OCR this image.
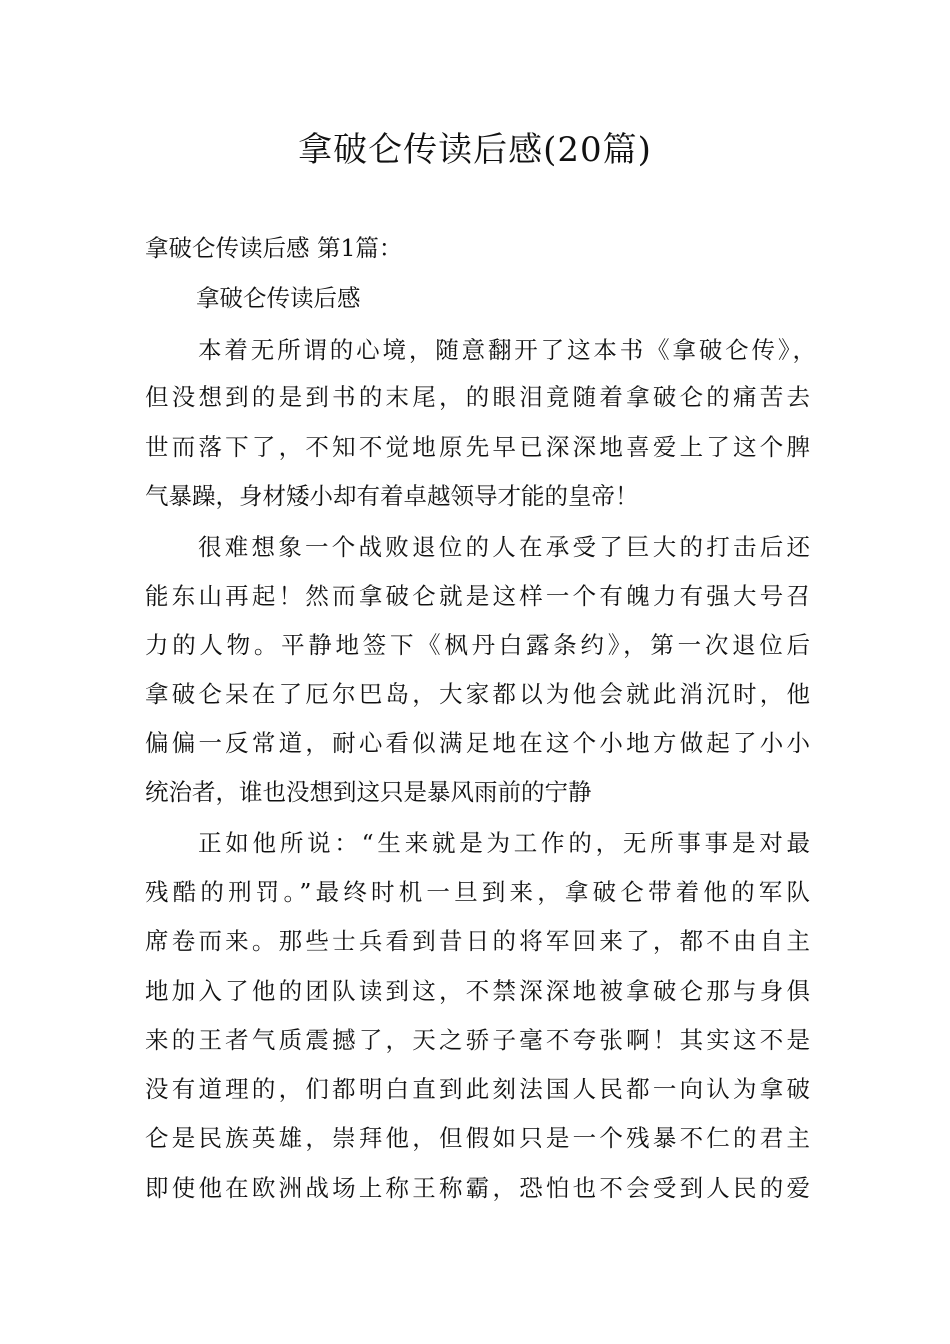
拿破仑传读后感(20篇)

拿破仑传读后感 第1篇：

拿破仑传读后感

本着无所谓的心境，随意翻开了这本书《拿破仑传》，

但没想到的是到书的末尾，的眼泪竟随着拿破仑的痛苦去

世而落下了，不知不觉地原先早已深深地喜爱上了这个脾

气暴躁，身材矮小却有着卓越领导才能的皇帝！

很难想象一个战败退位的人在承受了巨大的打击后还

能东山再起！然而拿破仑就是这样一个有魄力有强大号召

力的人物。平静地签下《枫丹白露条约》，第一次退位后

拿破仑呆在了厄尔巴岛，大家都以为他会就此消沉时，他

偏偏一反常道，耐心看似满足地在这个小地方做起了小小

统治者，谁也没想到这只是暴风雨前的宁静

正如他所说：“生来就是为工作的，无所事事是对最

残酷的刑罚。”最终时机一旦到来，拿破仑带着他的军队

席卷而来。那些士兵看到昔日的将军回来了，都不由自主

地加入了他的团队读到这，不禁深深地被拿破仑那与身俱

来的王者气质震撼了，天之骄子毫不夸张啊！其实这不是

没有道理的，们都明白直到此刻法国人民都一向认为拿破

仑是民族英雄，崇拜他，但假如只是一个残暴不仁的君主

即使他在欧洲战场上称王称霸，恐怕也不会受到人民的爱
